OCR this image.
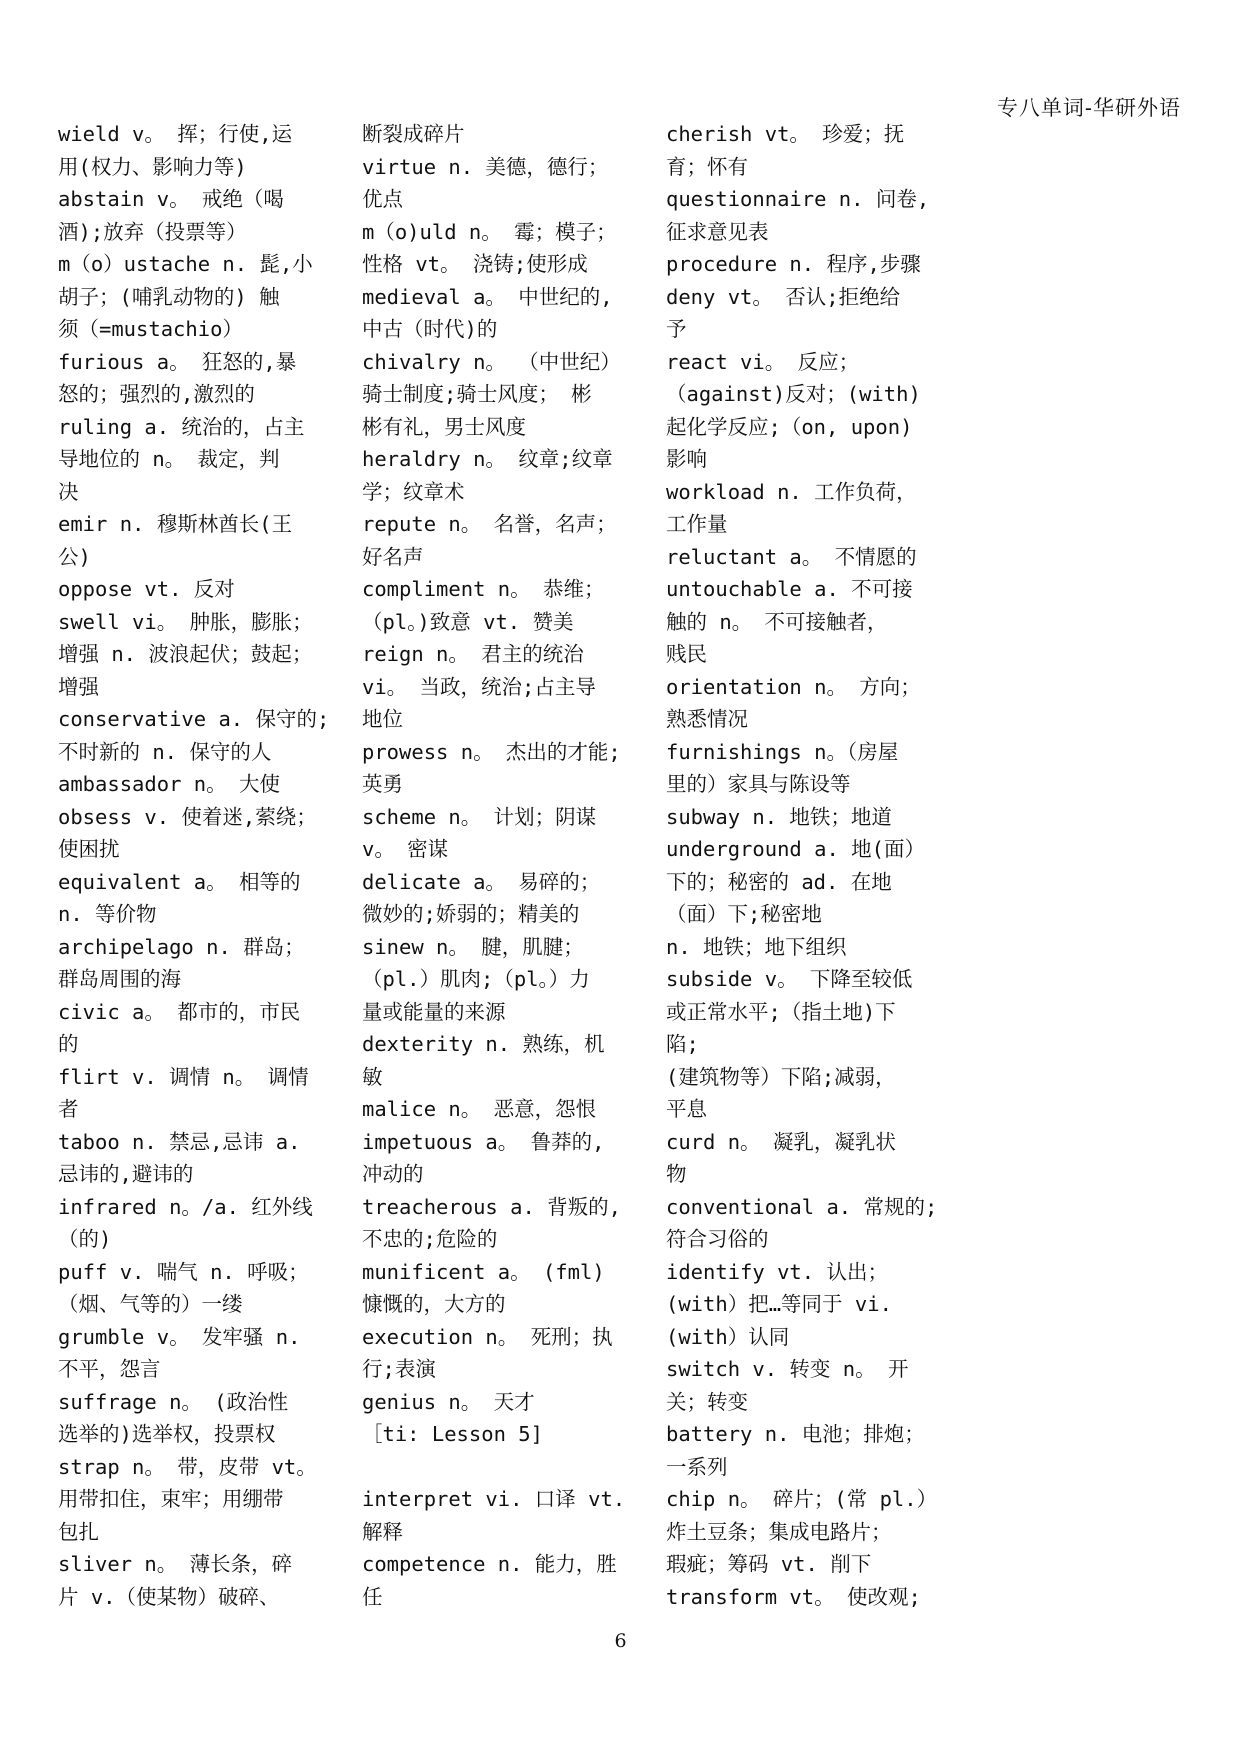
专八单词-华研外语
wield v。 挥；行使,运
用(权力、影响力等)
abstain v。 戒绝（喝
酒);放弃（投票等）
m（o）ustache n. 髭,小
胡子；(哺乳动物的) 触
须（=mustachio）
furious a。 狂怒的,暴
怒的；强烈的,激烈的
ruling a. 统治的，占主
导地位的 n。 裁定，判
决
emir n. 穆斯林酋长(王
公)
oppose vt. 反对
swell vi。 肿胀，膨胀；
增强 n. 波浪起伏；鼓起；
增强
conservative a. 保守的;
不时新的 n. 保守的人
ambassador n。 大使
obsess v. 使着迷,萦绕；
使困扰
equivalent a。 相等的
n. 等价物
archipelago n. 群岛；
群岛周围的海
civic a。 都市的，市民
的
flirt v. 调情 n。 调情
者
taboo n. 禁忌,忌讳 a.
忌讳的,避讳的
infrared n。/a. 红外线
（的)
puff v. 喘气 n. 呼吸；
（烟、气等的）一缕
grumble v。 发牢骚 n.
不平，怨言
suffrage n。 (政治性
选举的)选举权，投票权
strap n。 带，皮带 vt。
用带扣住，束牢；用绷带
包扎
sliver n。 薄长条，碎
片 v.（使某物）破碎、
断裂成碎片
virtue n. 美德，德行；
优点
m（o)uld n。 霉；模子；
性格 vt。 浇铸;使形成
medieval a。 中世纪的,
中古（时代)的
chivalry n。 （中世纪）
骑士制度;骑士风度； 彬
彬有礼，男士风度
heraldry n。 纹章;纹章
学；纹章术
repute n。 名誉，名声；
好名声
compliment n。 恭维；
（pl。)致意 vt. 赞美
reign n。 君主的统治
vi。 当政，统治;占主导
地位
prowess n。 杰出的才能;
英勇
scheme n。 计划；阴谋
v。 密谋
delicate a。 易碎的；
微妙的;娇弱的；精美的
sinew n。 腱，肌腱；
（pl.）肌肉;（pl。）力
量或能量的来源
dexterity n. 熟练，机
敏
malice n。 恶意，怨恨
impetuous a。 鲁莽的,
冲动的
treacherous a. 背叛的,
不忠的;危险的
munificent a。 (fml)
慷慨的，大方的
execution n。 死刑；执
行;表演
genius n。 天才
［ti: Lesson 5]
interpret vi. 口译 vt.
解释
competence n. 能力，胜
任
cherish vt。 珍爱；抚
育；怀有
questionnaire n. 问卷,
征求意见表
procedure n. 程序,步骤
deny vt。 否认;拒绝给
予
react vi。 反应；
（against)反对；(with)
起化学反应;（on, upon)
影响
workload n. 工作负荷，
工作量
reluctant a。 不情愿的
untouchable a. 不可接
触的 n。 不可接触者，
贱民
orientation n。 方向；
熟悉情况
furnishings n。（房屋
里的）家具与陈设等
subway n. 地铁；地道
underground a. 地(面）
下的；秘密的 ad. 在地
（面）下;秘密地
n. 地铁；地下组织
subside v。 下降至较低
或正常水平;（指土地)下
陷;
(建筑物等）下陷;减弱，
平息
curd n。 凝乳，凝乳状
物
conventional a. 常规的;
符合习俗的
identify vt. 认出；
(with）把…等同于 vi.
(with）认同
switch v. 转变 n。 开
关；转变
battery n. 电池；排炮；
一系列
chip n。 碎片；(常 pl.）
炸土豆条；集成电路片；
瑕疵；筹码 vt. 削下
transform vt。 使改观;
6
